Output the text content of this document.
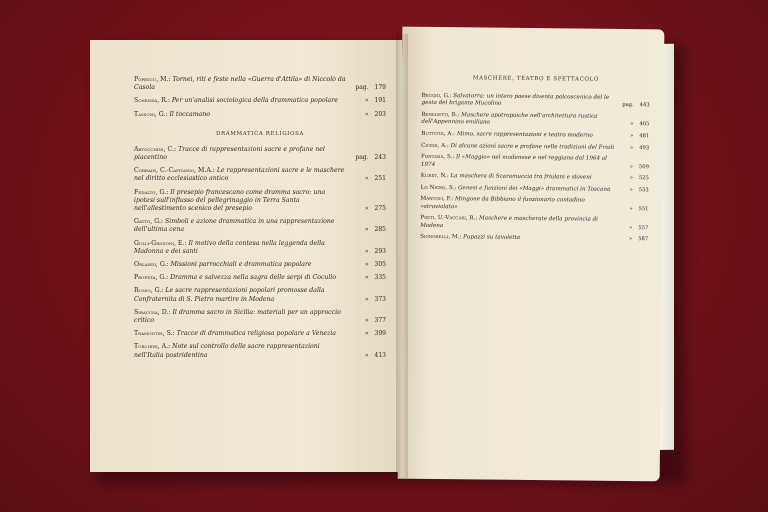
Popescu, M.: Tornei, riti e feste nella «Guerra d'Attila» di Niccolò da Casola	pag. 179
Schenda, R.: Per un'analisi sociologica della drammatica popolare	» 191
Tassoni, G.: Il toccamano	» 203
DRAMMATICA RELIGIOSA
Artocchini, C.: Tracce di rappresentazioni sacre e profane nel piacentino	pag. 243
Corrain, C.-Capitanio, M.A.: Le rappresentazioni sacre e le maschere nel diritto ecclesiastico antico	» 251
Fedalto, G.: Il presepio francescano come dramma sacro: una ipotesi sull'influsso del pellegrinaggio in Terra Santa nell'allestimento scenico del presepio	» 275
Gatto, G.: Simboli e azione drammatica in una rappresentazione dell'ultima cena	» 285
Gulli-Grigioni, E.: Il motivo della contesa nella leggenda della Madonna e dei santi	» 293
Orlandi, G.: Missioni parrocchiali e drammatica popolare	» 305
Profeta, G.: Dramma e salvezza nella sagra delle serpi di Cocullo	» 335
Russo, G.: Le sacre rappresentazioni popolari promosse dalla Confraternita di S. Pietro martire in Modena	» 373
Siracusa, D.: Il dramma sacro in Sicilia: materiali per un approccio critico	» 377
Tramontin, S.: Tracce di drammatica religiosa popolare a Venezia	» 399
Turchini, A.: Note sul controllo delle sacre rappresentazioni nell'Italia postridentina	» 413
MASCHERE, TEATRO E SPETTACOLO
Beggio, G.: Salvatorra: un intero paese diventa palcoscenico del le gesta del brigante Mucolino	pag. 443
Benedetti, B.: Maschere apotropaiche nell'architettura rustica dell'Appennino emiliano	» 465
Buttitta, A.: Mimo, sacre rappresentazioni e teatro moderno	» 481
Ciceri, A.: Di alcune azioni sacre e profane nelle tradizioni del Friuli	» 493
Fontana, S.: Il «Maggio» nel modenese e nel reggiano dal 1964 al 1974	» 509
Kuret, N.: La maschera di Scaramuccia tra friulani e sloveni	» 525
Lo Nigro, S.: Genesi e funzioni dei «Maggi» drammatici in Toscana	» 533
Mantovi, F.: Mingone da Bibbiano il funzionario contadino «stroviolato»	» 551
Preti, U.-Vaccari, R.: Maschere e mascherate della provincia di Modena	» 557
Signorelli, M.: Pupazzi su tavoletta	» 587
